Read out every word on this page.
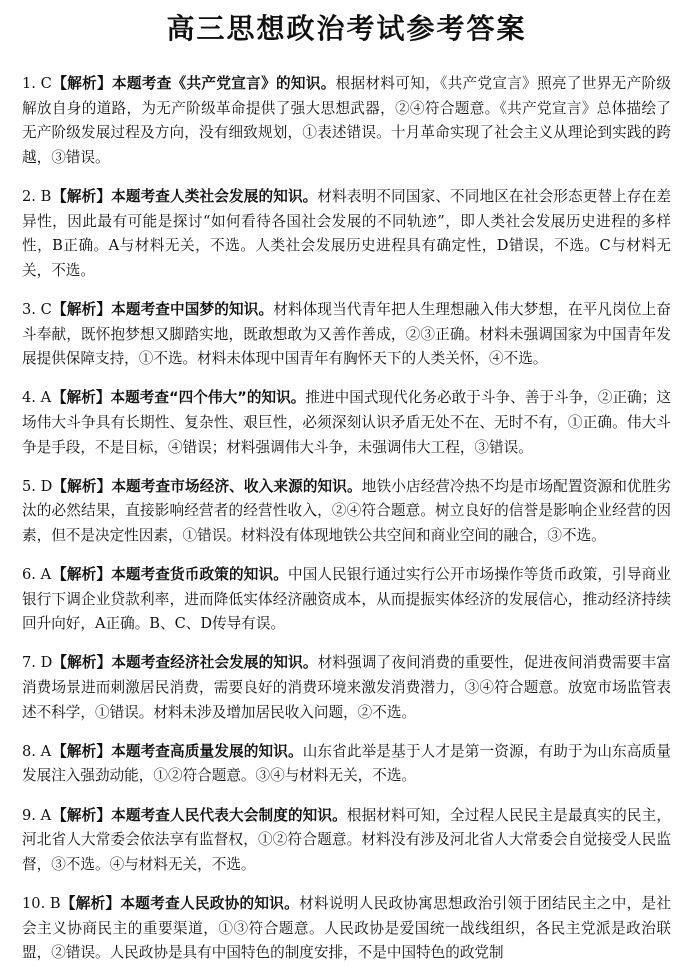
高三思想政治考试参考答案

1. C【解析】本题考查《共产党宣言》的知识。根据材料可知，《共产党宣言》照亮了世界无产阶级解放自身的道路，为无产阶级革命提供了强大思想武器，②④符合题意。《共产党宣言》总体描绘了无产阶级发展过程及方向，没有细致规划，①表述错误。十月革命实现了社会主义从理论到实践的跨越，③错误。

2. B【解析】本题考查人类社会发展的知识。材料表明不同国家、不同地区在社会形态更替上存在差异性，因此最有可能是探讨“如何看待各国社会发展的不同轨迹”，即人类社会发展历史进程的多样性，B正确。A与材料无关，不选。人类社会发展历史进程具有确定性，D错误，不选。C与材料无关，不选。

3. C【解析】本题考查中国梦的知识。材料体现当代青年把人生理想融入伟大梦想，在平凡岗位上奋斗奉献，既怀抱梦想又脚踏实地，既敢想敢为又善作善成，②③正确。材料未强调国家为中国青年发展提供保障支持，①不选。材料未体现中国青年有胸怀天下的人类关怀，④不选。

4. A【解析】本题考查“四个伟大”的知识。推进中国式现代化务必敢于斗争、善于斗争，②正确；这场伟大斗争具有长期性、复杂性、艰巨性，必须深刻认识矛盾无处不在、无时不有，①正确。伟大斗争是手段，不是目标，④错误；材料强调伟大斗争，未强调伟大工程，③错误。

5. D【解析】本题考查市场经济、收入来源的知识。地铁小店经营冷热不均是市场配置资源和优胜劣汰的必然结果，直接影响经营者的经营性收入，②④符合题意。树立良好的信誉是影响企业经营的因素，但不是决定性因素，①错误。材料没有体现地铁公共空间和商业空间的融合，③不选。

6. A【解析】本题考查货币政策的知识。中国人民银行通过实行公开市场操作等货币政策，引导商业银行下调企业贷款利率，进而降低实体经济融资成本，从而提振实体经济的发展信心，推动经济持续回升向好，A正确。B、C、D传导有误。

7. D【解析】本题考查经济社会发展的知识。材料强调了夜间消费的重要性，促进夜间消费需要丰富消费场景进而刺激居民消费，需要良好的消费环境来激发消费潜力，③④符合题意。放宽市场监管表述不科学，①错误。材料未涉及增加居民收入问题，②不选。

8. A【解析】本题考查高质量发展的知识。山东省此举是基于人才是第一资源，有助于为山东高质量发展注入强劲动能，①②符合题意。③④与材料无关，不选。

9. A【解析】本题考查人民代表大会制度的知识。根据材料可知，全过程人民民主是最真实的民主，河北省人大常委会依法享有监督权，①②符合题意。材料没有涉及河北省人大常委会自觉接受人民监督，③不选。④与材料无关，不选。

10. B【解析】本题考查人民政协的知识。材料说明人民政协寓思想政治引领于团结民主之中，是社会主义协商民主的重要渠道，①③符合题意。人民政协是爱国统一战线组织，各民主党派是政治联盟，②错误。人民政协是具有中国特色的制度安排，不是中国特色的政党制
